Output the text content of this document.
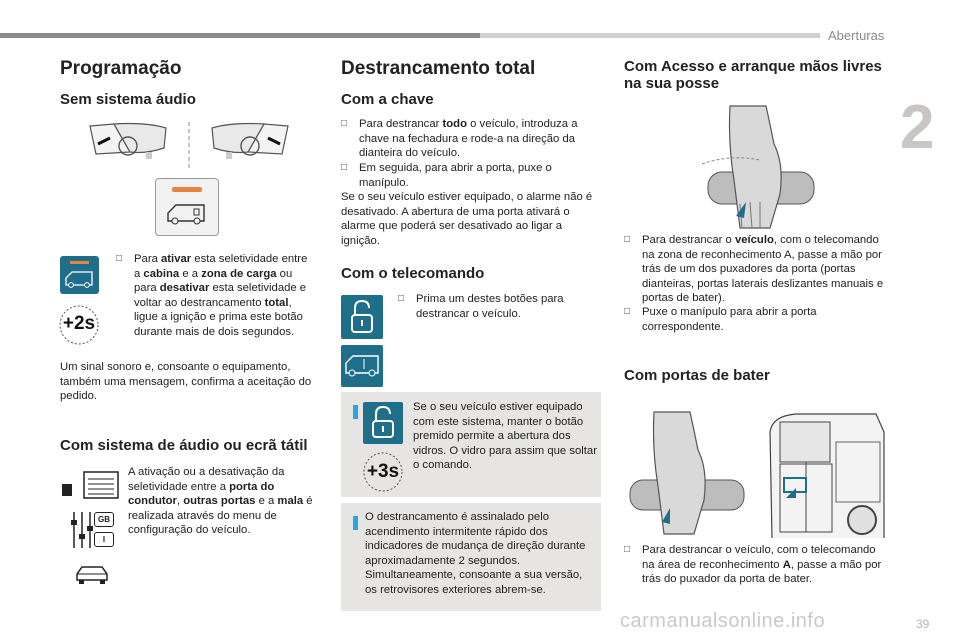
Aberturas
2
Programação
Sem sistema áudio
+2s
□	Para ativar esta seletividade entre a cabina e a zona de carga ou para desativar esta seletividade e voltar ao destrancamento total, ligue a ignição e prima este botão durante mais de dois segundos.
Um sinal sonoro e, consoante o equipamento, também uma mensagem, confirma a aceitação do pedido.
Com sistema de áudio ou ecrã tátil
GB
I
A ativação ou a desativação da seletividade entre a porta do condutor, outras portas e a mala é realizada através do menu de configuração do veículo.
Destrancamento total
Com a chave
□	Para destrancar todo o veículo, introduza a chave na fechadura e rode-a na direção da dianteira do veículo.
□	Em seguida, para abrir a porta, puxe o manípulo.
Se o seu veículo estiver equipado, o alarme não é desativado. A abertura de uma porta ativará o alarme que poderá ser desativado ao ligar a ignição.
Com o telecomando
□	Prima um destes botões para destrancar o veículo.
+3s
Se o seu veículo estiver equipado com este sistema, manter o botão premido permite a abertura dos vidros. O vidro para assim que soltar o comando.
O destrancamento é assinalado pelo acendimento intermitente rápido dos indicadores de mudança de direção durante aproximadamente 2 segundos. Simultaneamente, consoante a sua versão, os retrovisores exteriores abrem-se.
Com Acesso e arranque mãos livres na sua posse
□	Para destrancar o veículo, com o telecomando na zona de reconhecimento A, passe a mão por trás de um dos puxadores da porta (portas dianteiras, portas laterais deslizantes manuais e portas de bater).
□	Puxe o manípulo para abrir a porta correspondente.
Com portas de bater
□	Para destrancar o veículo, com o telecomando na área de reconhecimento A, passe a mão por trás do puxador da porta de bater.
carmanualsonline.info	39
